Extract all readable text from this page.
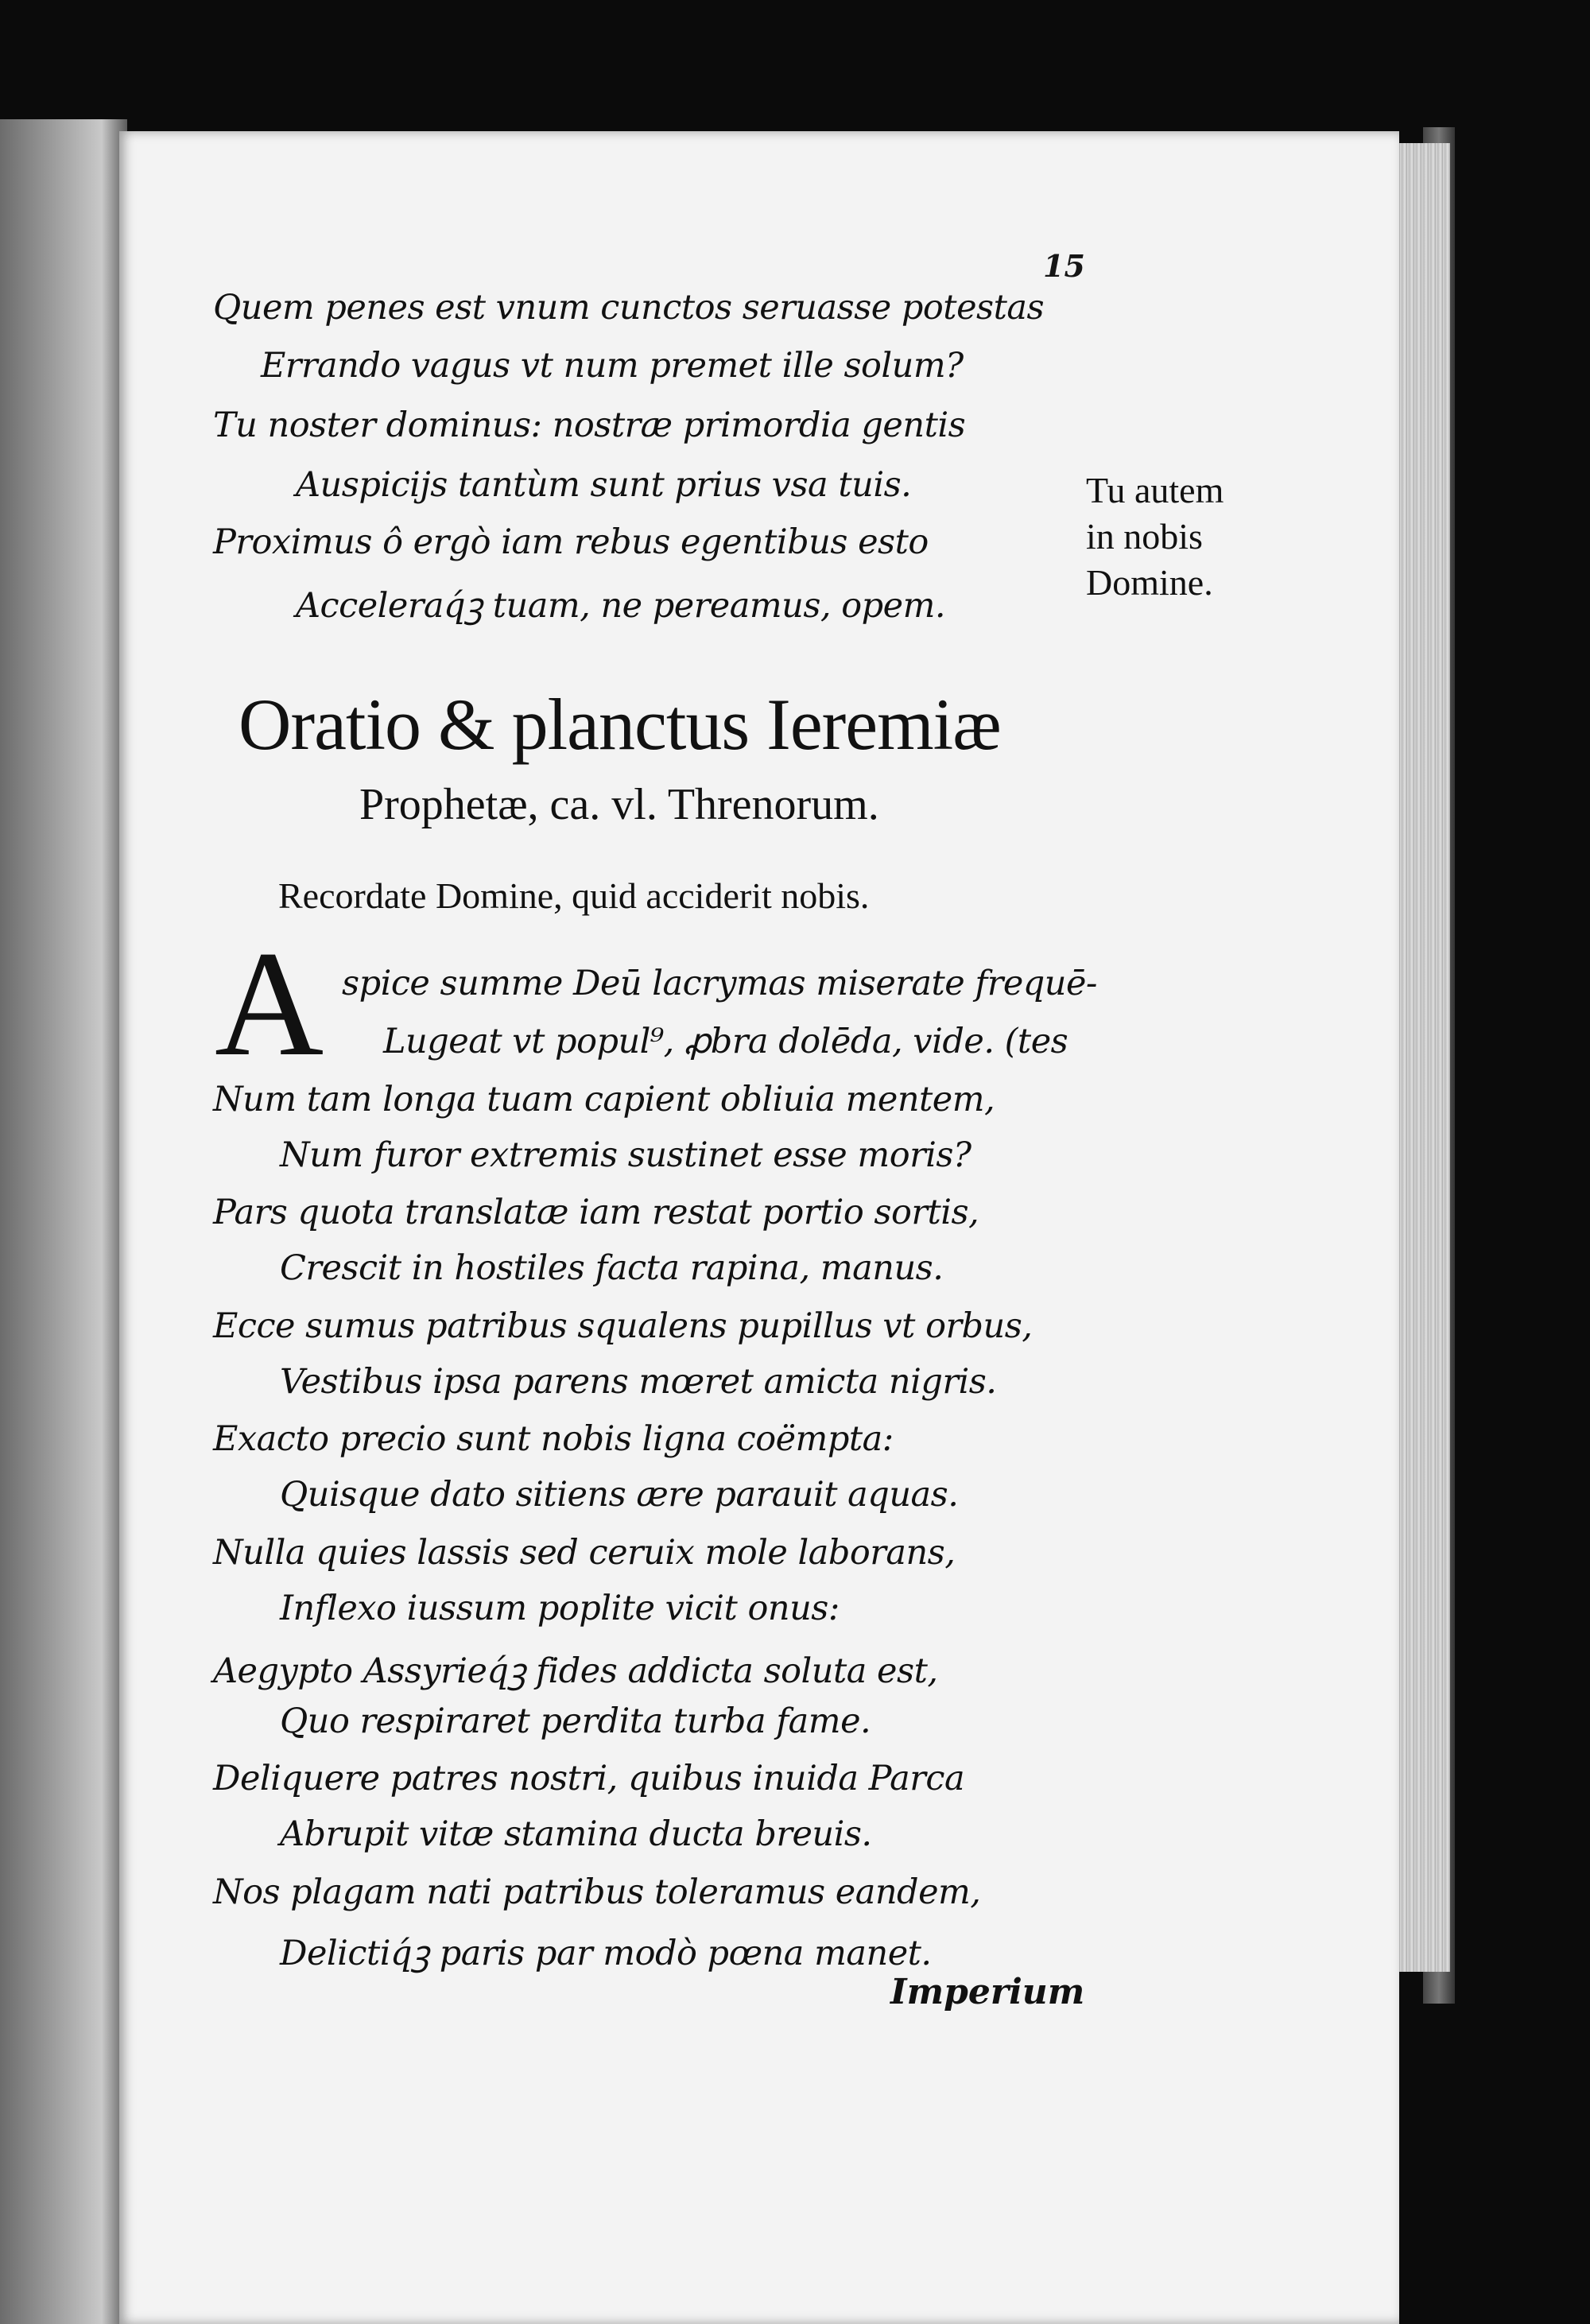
15
Quem penes est vnum cunctos seruasse potestas
Errando vagus vt num premet ille solum?
Tu noster dominus: nostræ primordia gentis
Auspicijs tantùm sunt prius vsa tuis.
Proximus ô ergò iam rebus egentibus esto
Acceleraq́ꝫ tuam, ne pereamus, opem.
Tu autem
in nobis
Domine.
Oratio & planctus Ieremiæ
Prophetæ, ca. vl. Threnorum.
Recordate Domine, quid acciderit nobis.
A spice summe Deū lacrymas miserate frequē-
Lugeat vt popul⁹, ꝓbra dolēda, vide. (tes
Num tam longa tuam capient obliuia mentem,
Num furor extremis sustinet esse moris?
Pars quota translatæ iam restat portio sortis,
Crescit in hostiles facta rapina, manus.
Ecce sumus patribus squalens pupillus vt orbus,
Vestibus ipsa parens mœret amicta nigris.
Exacto precio sunt nobis ligna coëmpta:
Quisque dato sitiens ære parauit aquas.
Nulla quies lassis sed ceruix mole laborans,
Inflexo iussum poplite vicit onus:
Aegypto Assyrieq́ꝫ fides addicta soluta est,
Quo respiraret perdita turba fame.
Deliquere patres nostri, quibus inuida Parca
Abrupit vitæ stamina ducta breuis.
Nos plagam nati patribus toleramus eandem,
Delictiq́ꝫ paris par modò pœna manet.
Imperium
